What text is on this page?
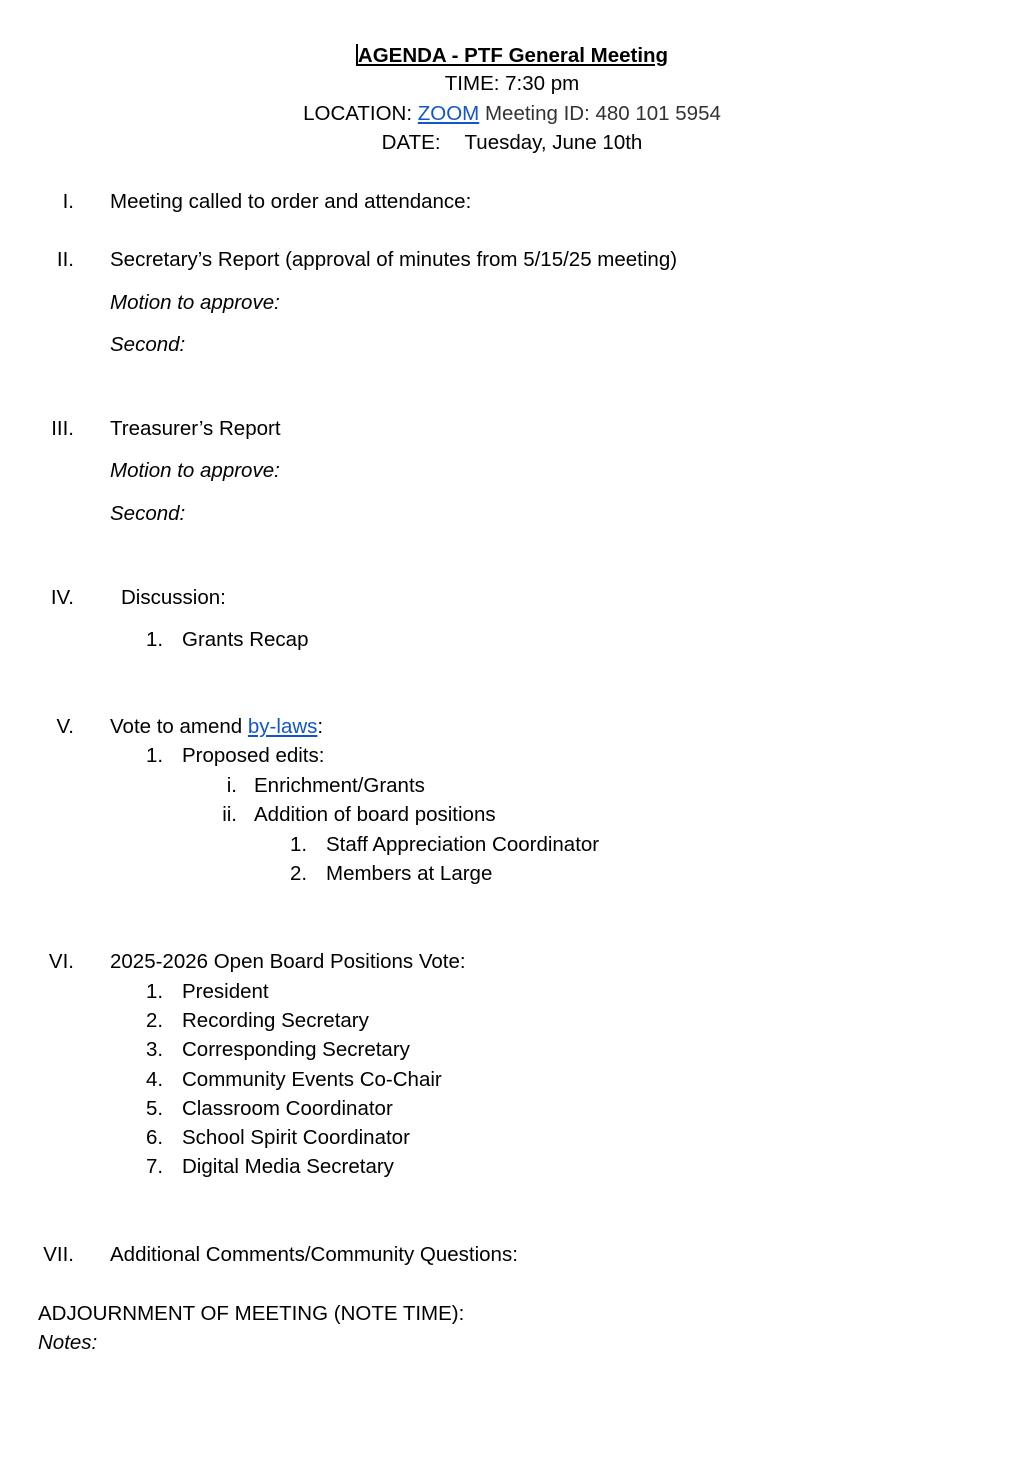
AGENDA - PTF General Meeting
TIME: 7:30 pm
LOCATION: ZOOM Meeting ID: 480 101 5954
DATE: Tuesday, June 10th
I. Meeting called to order and attendance:
II. Secretary’s Report (approval of minutes from 5/15/25 meeting)
Motion to approve:
Second:
III. Treasurer’s Report
Motion to approve:
Second:
IV. Discussion:
1. Grants Recap
V. Vote to amend by-laws:
1. Proposed edits:
i. Enrichment/Grants
ii. Addition of board positions
1. Staff Appreciation Coordinator
2. Members at Large
VI. 2025-2026 Open Board Positions Vote:
1. President
2. Recording Secretary
3. Corresponding Secretary
4. Community Events Co-Chair
5. Classroom Coordinator
6. School Spirit Coordinator
7. Digital Media Secretary
VII. Additional Comments/Community Questions:
ADJOURNMENT OF MEETING (NOTE TIME):
Notes:
